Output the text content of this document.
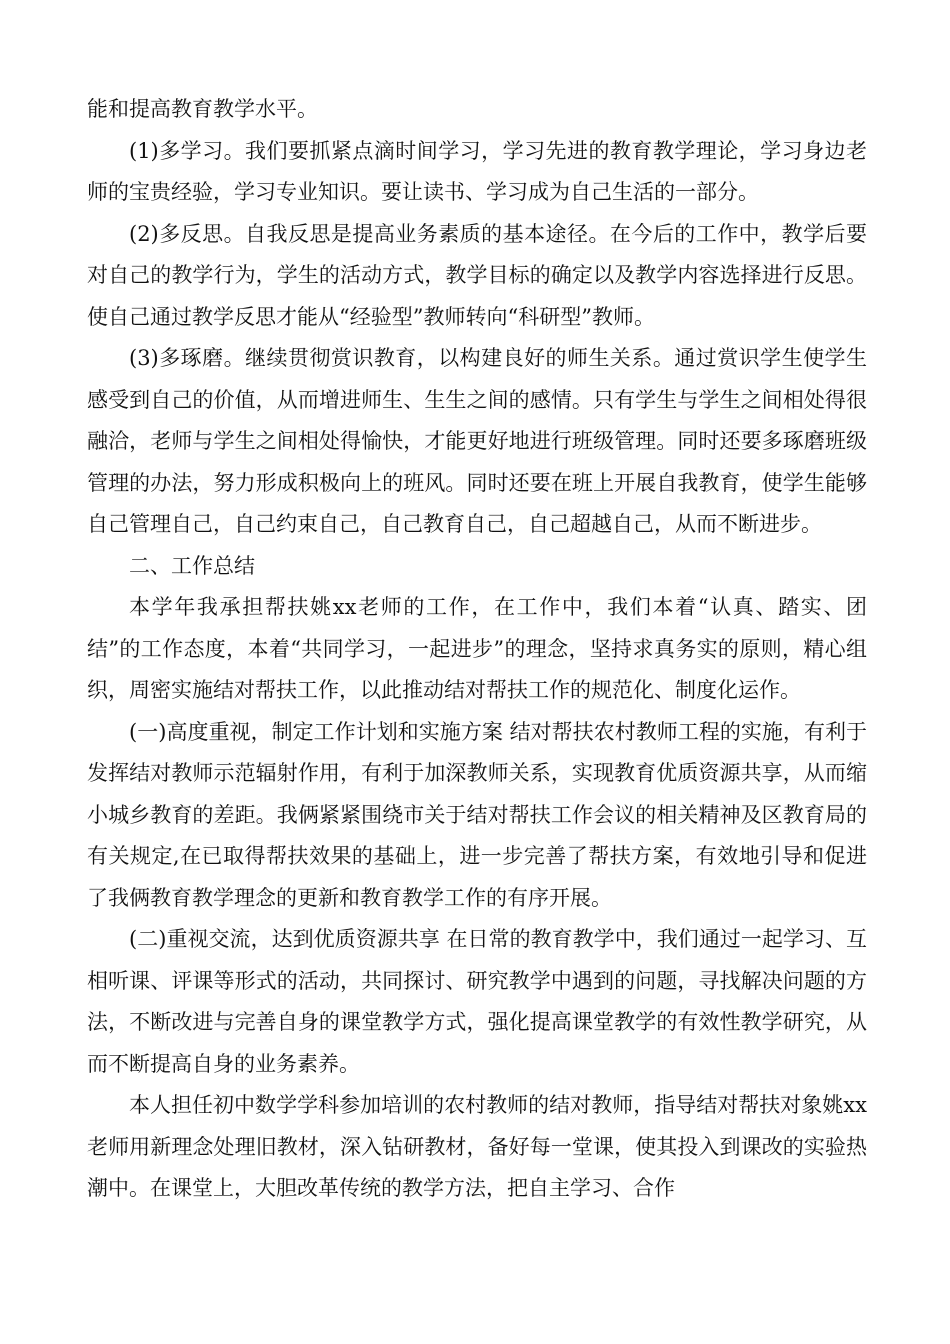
能和提高教育教学水平。

(1)多学习。我们要抓紧点滴时间学习，学习先进的教育教学理论，学习身边老师的宝贵经验，学习专业知识。要让读书、学习成为自己生活的一部分。

(2)多反思。自我反思是提高业务素质的基本途径。在今后的工作中，教学后要对自己的教学行为，学生的活动方式，教学目标的确定以及教学内容选择进行反思。使自己通过教学反思才能从“经验型”教师转向“科研型”教师。

(3)多琢磨。继续贯彻赏识教育，以构建良好的师生关系。通过赏识学生使学生感受到自己的价值，从而增进师生、生生之间的感情。只有学生与学生之间相处得很融洽，老师与学生之间相处得愉快，才能更好地进行班级管理。同时还要多琢磨班级管理的办法，努力形成积极向上的班风。同时还要在班上开展自我教育，使学生能够自己管理自己，自己约束自己，自己教育自己，自己超越自己，从而不断进步。

二、工作总结

本学年我承担帮扶姚xx老师的工作，在工作中，我们本着“认真、踏实、团结”的工作态度，本着“共同学习，一起进步”的理念，坚持求真务实的原则，精心组织，周密实施结对帮扶工作，以此推动结对帮扶工作的规范化、制度化运作。

(一)高度重视，制定工作计划和实施方案 结对帮扶农村教师工程的实施，有利于发挥结对教师示范辐射作用，有利于加深教师关系，实现教育优质资源共享，从而缩小城乡教育的差距。我俩紧紧围绕市关于结对帮扶工作会议的相关精神及区教育局的有关规定,在已取得帮扶效果的基础上，进一步完善了帮扶方案，有效地引导和促进了我俩教育教学理念的更新和教育教学工作的有序开展。

(二)重视交流，达到优质资源共享 在日常的教育教学中，我们通过一起学习、互相听课、评课等形式的活动，共同探讨、研究教学中遇到的问题，寻找解决问题的方法，不断改进与完善自身的课堂教学方式，强化提高课堂教学的有效性教学研究，从而不断提高自身的业务素养。

本人担任初中数学学科参加培训的农村教师的结对教师，指导结对帮扶对象姚xx老师用新理念处理旧教材，深入钻研教材，备好每一堂课，使其投入到课改的实验热潮中。在课堂上，大胆改革传统的教学方法，把自主学习、合作
